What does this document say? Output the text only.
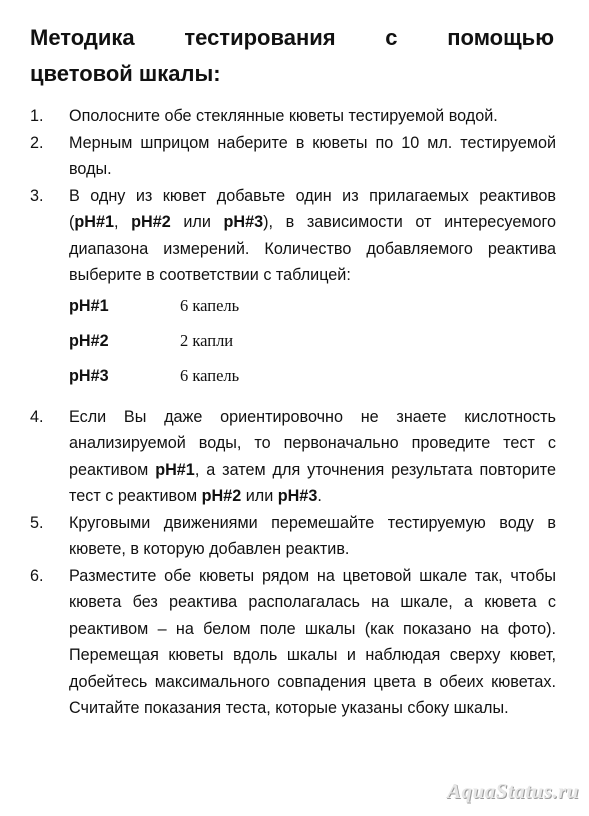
Методика тестирования с помощью
цветовой шкалы:
1. Ополосните обе стеклянные кюветы тестируемой водой.
2. Мерным шприцом наберите в кюветы по 10 мл. тестируемой воды.
3. В одну из кювет добавьте один из прилагаемых реактивов (pH#1, pH#2 или pH#3), в зависимости от интересуемого диапазона измерений. Количество добавляемого реактива выберите в соответствии с таблицей:
pH#1	6 капель
pH#2	2 капли
pH#3	6 капель
4. Если Вы даже ориентировочно не знаете кислотность анализируемой воды, то первоначально проведите тест с реактивом pH#1, а затем для уточнения результата повторите тест с реактивом pH#2 или pH#3.
5. Круговыми движениями перемешайте тестируемую воду в кювете, в которую добавлен реактив.
6. Разместите обе кюветы рядом на цветовой шкале так, чтобы кювета без реактива располагалась на шкале, а кювета с реактивом – на белом поле шкалы (как показано на фото). Перемещая кюветы вдоль шкалы и наблюдая сверху кювет, добейтесь максимального совпадения цвета в обеих кюветах. Считайте показания теста, которые указаны сбоку шкалы.
AquaStatus.ru
